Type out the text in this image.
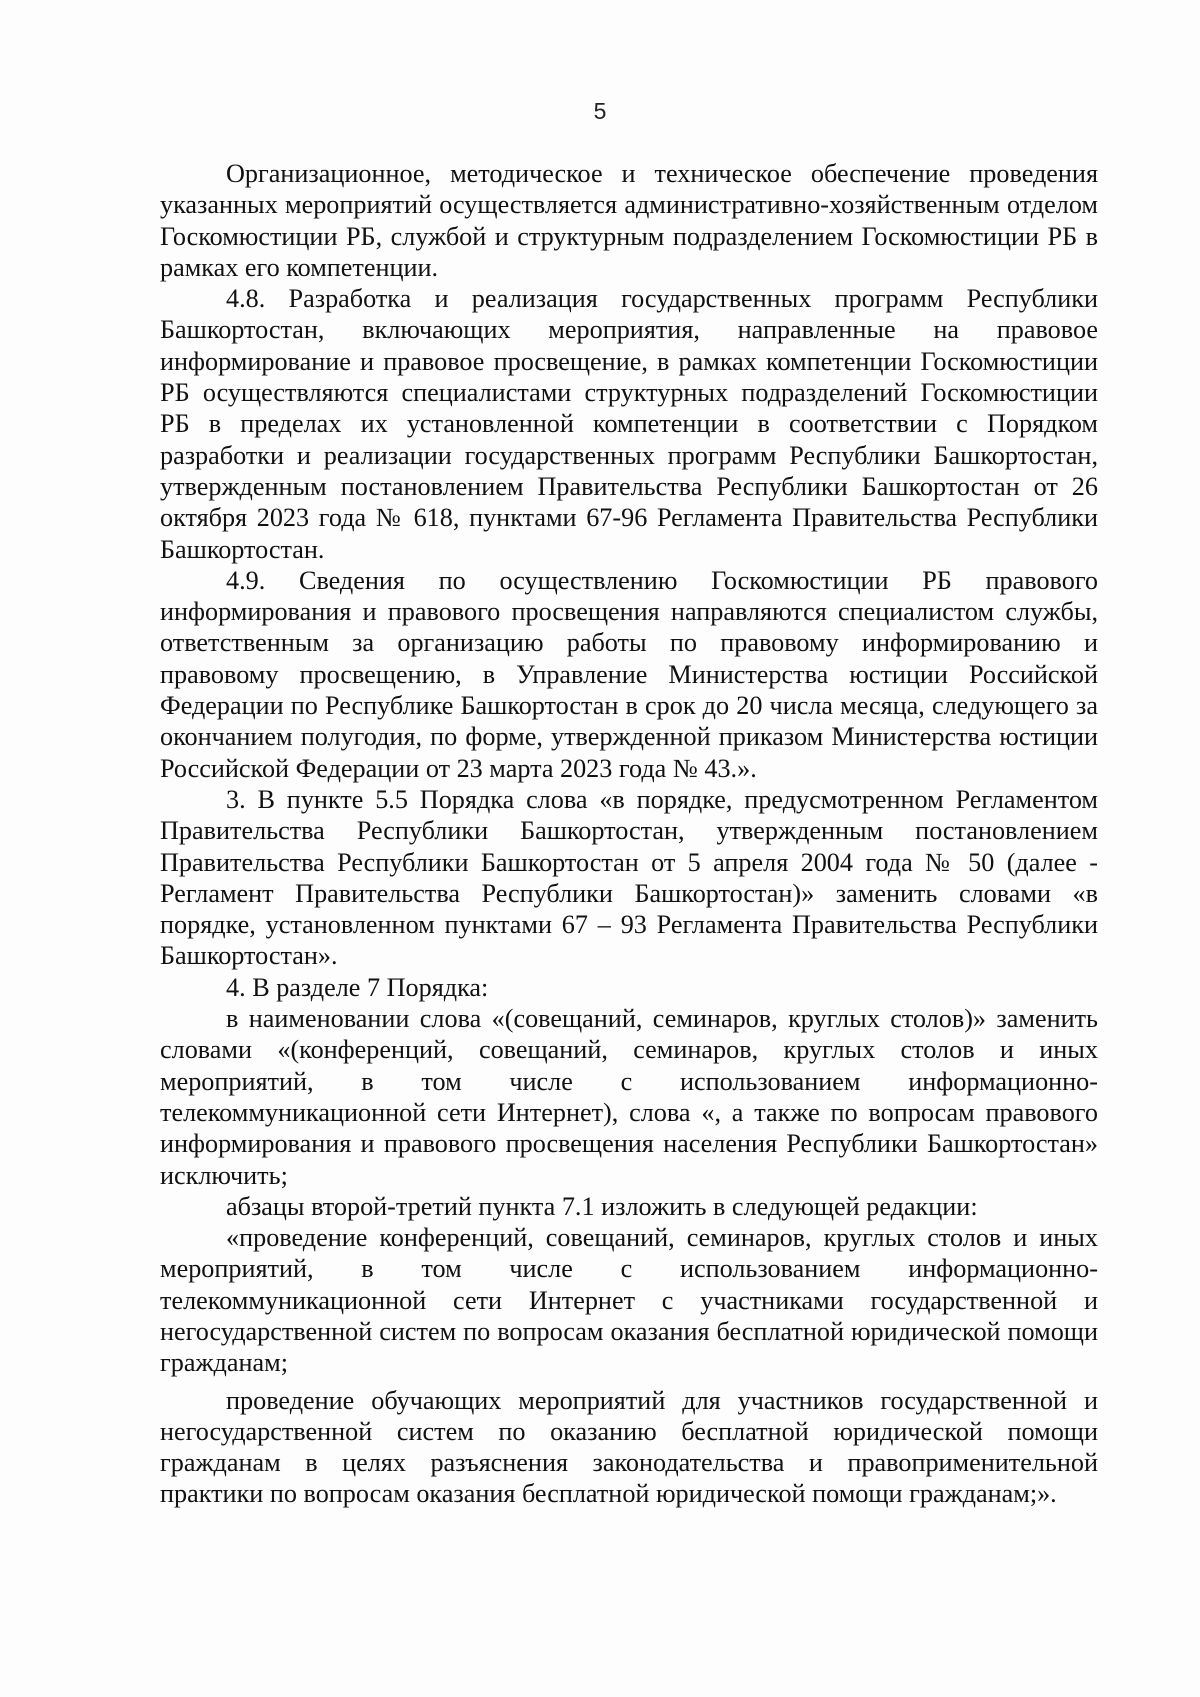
5

Организационное, методическое и техническое обеспечение проведения указанных мероприятий осуществляется административно-хозяйственным отделом Госкомюстиции РБ, службой и структурным подразделением Госкомюстиции РБ в рамках его компетенции.

4.8. Разработка и реализация государственных программ Республики Башкортостан, включающих мероприятия, направленные на правовое информирование и правовое просвещение, в рамках компетенции Госкомюстиции РБ осуществляются специалистами структурных подразделений Госкомюстиции РБ в пределах их установленной компетенции в соответствии с Порядком разработки и реализации государственных программ Республики Башкортостан, утвержденным постановлением Правительства Республики Башкортостан от 26 октября 2023 года № 618, пунктами 67-96 Регламента Правительства Республики Башкортостан.

4.9. Сведения по осуществлению Госкомюстиции РБ правового информирования и правового просвещения направляются специалистом службы, ответственным за организацию работы по правовому информированию и правовому просвещению, в Управление Министерства юстиции Российской Федерации по Республике Башкортостан в срок до 20 числа месяца, следующего за окончанием полугодия, по форме, утвержденной приказом Министерства юстиции Российской Федерации от 23 марта 2023 года № 43.».

3. В пункте 5.5 Порядка слова «в порядке, предусмотренном Регламентом Правительства Республики Башкортостан, утвержденным постановлением Правительства Республики Башкортостан от 5 апреля 2004 года № 50 (далее - Регламент Правительства Республики Башкортостан)» заменить словами «в порядке, установленном пунктами 67 – 93 Регламента Правительства Республики Башкортостан».

4. В разделе 7 Порядка:

в наименовании слова «(совещаний, семинаров, круглых столов)» заменить словами «(конференций, совещаний, семинаров, круглых столов и иных мероприятий, в том числе с использованием информационно-телекоммуникационной сети Интернет), слова «, а также по вопросам правового информирования и правового просвещения населения Республики Башкортостан» исключить;

абзацы второй-третий пункта 7.1 изложить в следующей редакции:

«проведение конференций, совещаний, семинаров, круглых столов и иных мероприятий, в том числе с использованием информационно-телекоммуникационной сети Интернет с участниками государственной и негосударственной систем по вопросам оказания бесплатной юридической помощи гражданам;

проведение обучающих мероприятий для участников государственной и негосударственной систем по оказанию бесплатной юридической помощи гражданам в целях разъяснения законодательства и правоприменительной практики по вопросам оказания бесплатной юридической помощи гражданам;».
